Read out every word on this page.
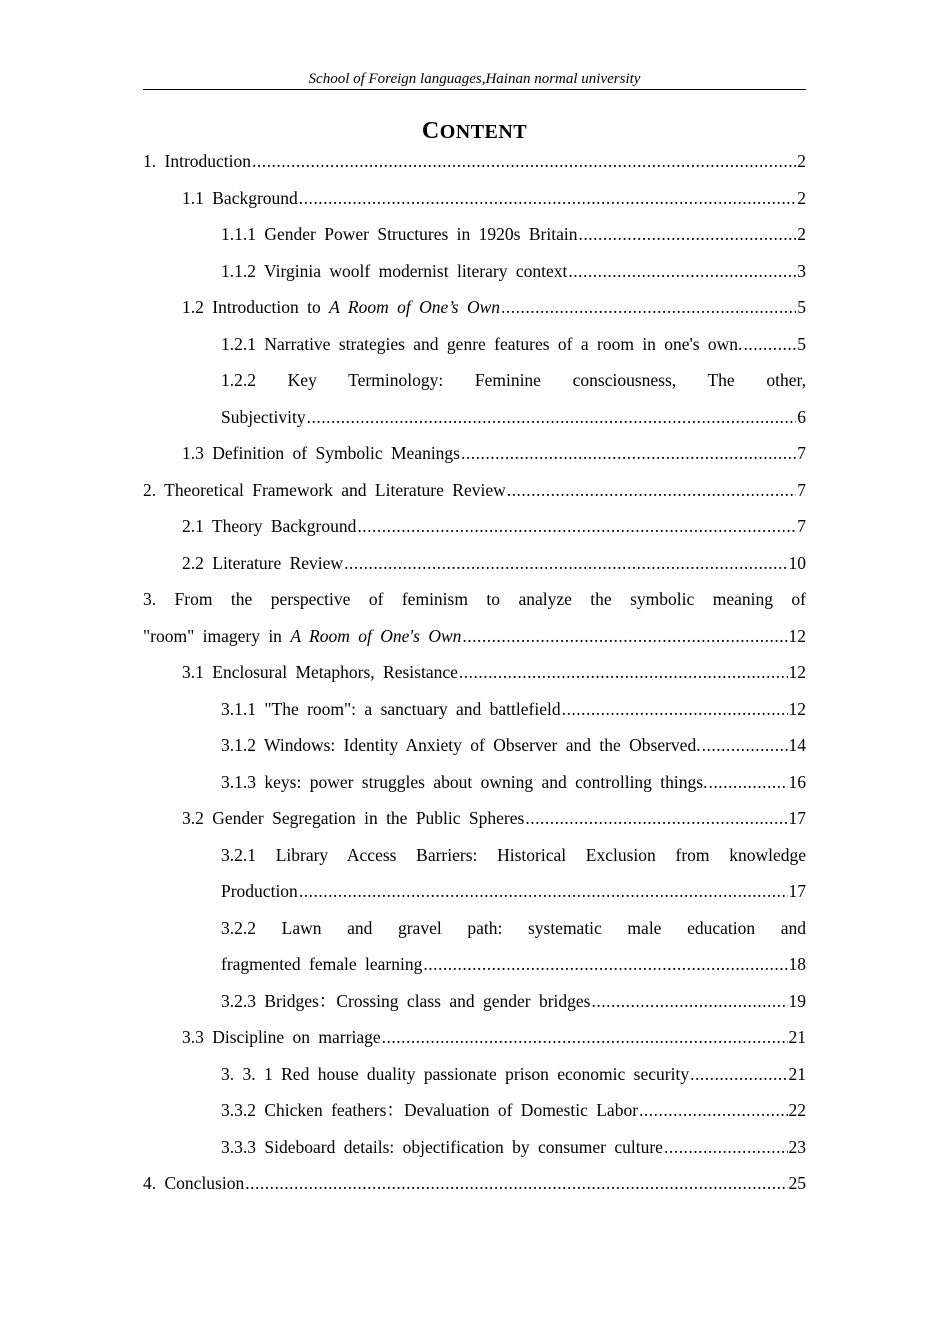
School of Foreign languages,Hainan normal university
CONTENT
1. Introduction .....	2
1.1 Background .....	2
1.1.1 Gender Power Structures in 1920s Britain .....	2
1.1.2 Virginia woolf modernist literary context .....	3
1.2 Introduction to A Room of One’s Own .....	5
1.2.1 Narrative strategies and genre features of a room in one's own. .....	5
1.2.2 Key Terminology: Feminine consciousness, The other,
Subjectivity .....	6
1.3 Definition of Symbolic Meanings .....	7
2. Theoretical Framework and Literature Review .....	7
2.1 Theory Background .....	7
2.2 Literature Review .....	10
3. From the perspective of feminism to analyze the symbolic meaning of
"room" imagery in A Room of One's Own .....	12
3.1 Enclosural Metaphors, Resistance .....	12
3.1.1 "The room": a sanctuary and battlefield .....	12
3.1.2 Windows: Identity Anxiety of Observer and the Observed. .....	14
3.1.3 keys: power struggles about owning and controlling things. .....	16
3.2 Gender Segregation in the Public Spheres .....	17
3.2.1 Library Access Barriers: Historical Exclusion from knowledge
Production .....	17
3.2.2 Lawn and gravel path: systematic male education and
fragmented female learning .....	18
3.2.3 Bridges：Crossing class and gender bridges .....	19
3.3 Discipline on marriage .....	21
3. 3. 1 Red house duality passionate prison economic security .....	21
3.3.2 Chicken feathers：Devaluation of Domestic Labor .....	22
3.3.3 Sideboard details: objectification by consumer culture .....	23
4. Conclusion .....	25
